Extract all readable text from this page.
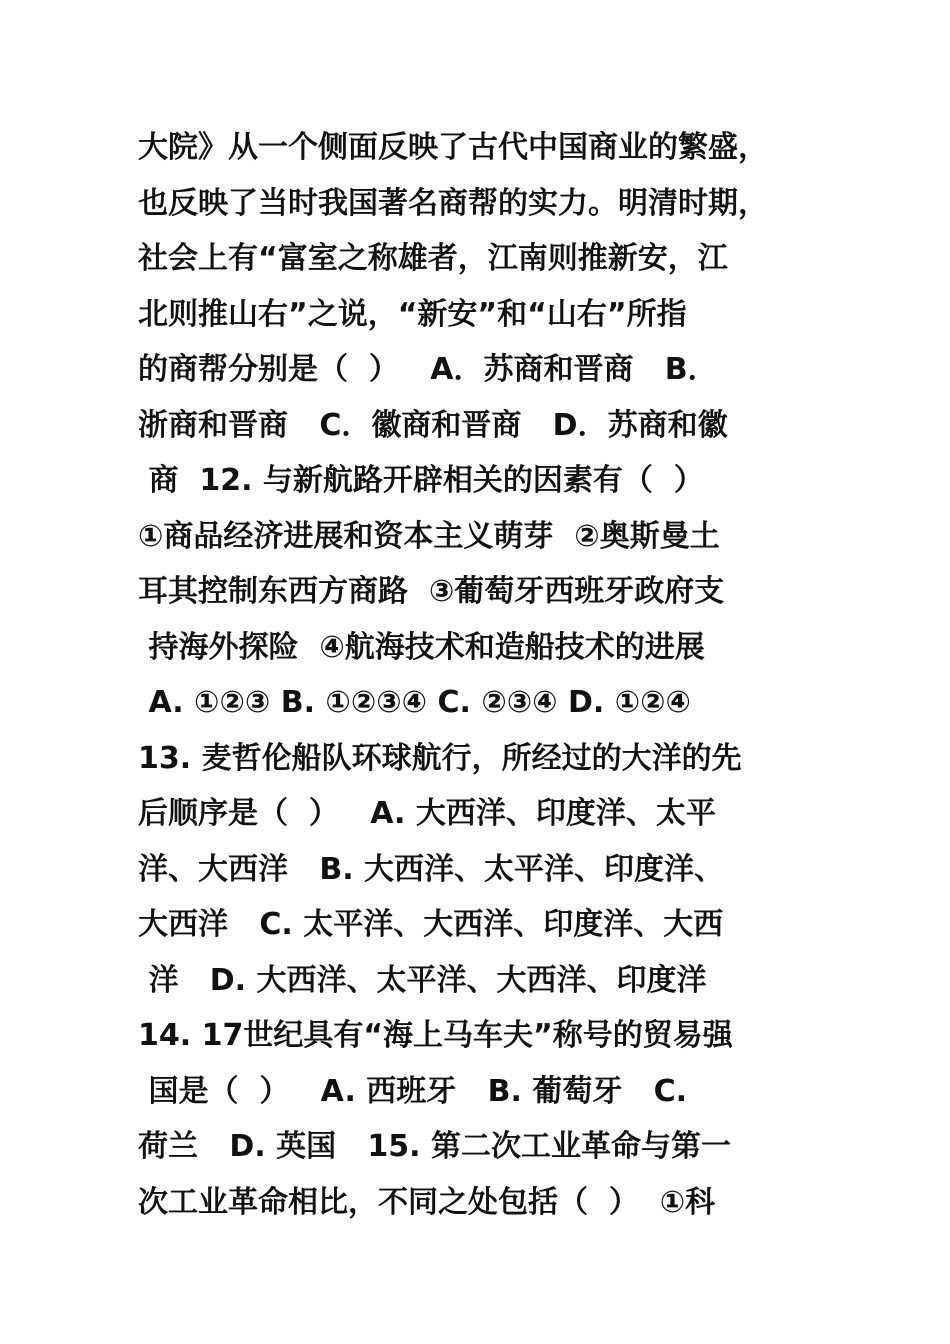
大院》从一个侧面反映了古代中国商业的繁盛，
也反映了当时我国著名商帮的实力。明清时期，
社会上有“富室之称雄者，江南则推新安，江
北则推山右”之说，“新安”和“山右”所指
的商帮分别是（  ）   A．苏商和晋商   B．
浙商和晋商   C．徽商和晋商   D．苏商和徽
商  12. 与新航路开辟相关的因素有（  ）
①商品经济进展和资本主义萌芽  ②奥斯曼土
耳其控制东西方商路  ③葡萄牙西班牙政府支
持海外探险  ④航海技术和造船技术的进展
A. ①②③ B. ①②③④ C. ②③④ D. ①②④
13. 麦哲伦船队环球航行，所经过的大洋的先
后顺序是（  ）   A. 大西洋、印度洋、太平
洋、大西洋   B. 大西洋、太平洋、印度洋、
大西洋   C. 太平洋、大西洋、印度洋、大西
洋   D. 大西洋、太平洋、大西洋、印度洋
14. 17世纪具有“海上马车夫”称号的贸易强
国是（  ）   A. 西班牙   B. 葡萄牙   C.
荷兰   D. 英国   15. 第二次工业革命与第一
次工业革命相比，不同之处包括（  ）  ①科
